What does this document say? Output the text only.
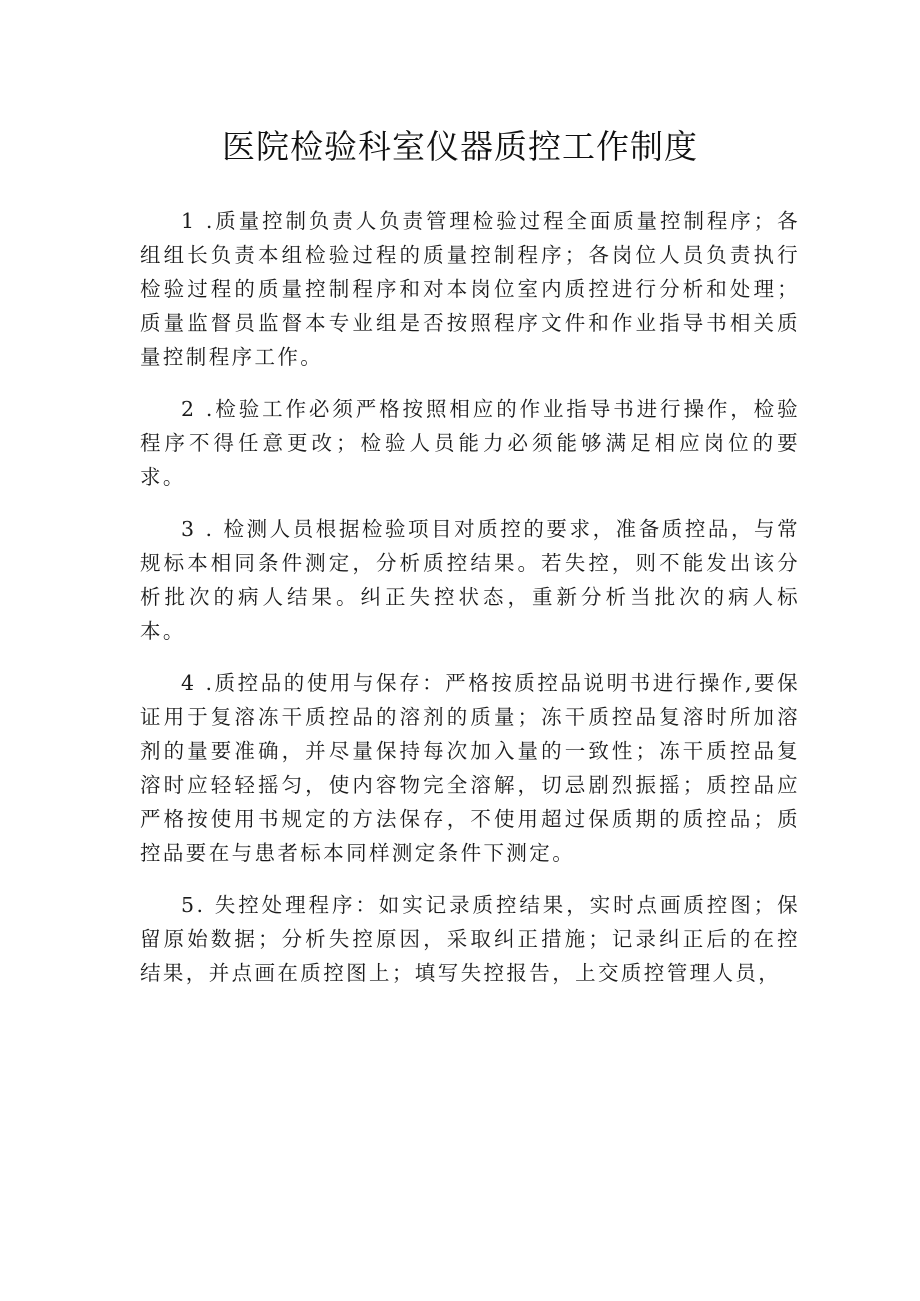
医院检验科室仪器质控工作制度

1 .质量控制负责人负责管理检验过程全面质量控制程序；各组组长负责本组检验过程的质量控制程序；各岗位人员负责执行检验过程的质量控制程序和对本岗位室内质控进行分析和处理；质量监督员监督本专业组是否按照程序文件和作业指导书相关质量控制程序工作。

2 .检验工作必须严格按照相应的作业指导书进行操作，检验程序不得任意更改；检验人员能力必须能够满足相应岗位的要求。

3 . 检测人员根据检验项目对质控的要求，准备质控品，与常规标本相同条件测定，分析质控结果。若失控，则不能发出该分析批次的病人结果。纠正失控状态，重新分析当批次的病人标本。

4 .质控品的使用与保存：严格按质控品说明书进行操作,要保证用于复溶冻干质控品的溶剂的质量；冻干质控品复溶时所加溶剂的量要准确，并尽量保持每次加入量的一致性；冻干质控品复溶时应轻轻摇匀，使内容物完全溶解，切忌剧烈振摇；质控品应严格按使用书规定的方法保存，不使用超过保质期的质控品；质控品要在与患者标本同样测定条件下测定。

5. 失控处理程序：如实记录质控结果，实时点画质控图；保留原始数据；分析失控原因，采取纠正措施；记录纠正后的在控结果，并点画在质控图上；填写失控报告，上交质控管理人员，
